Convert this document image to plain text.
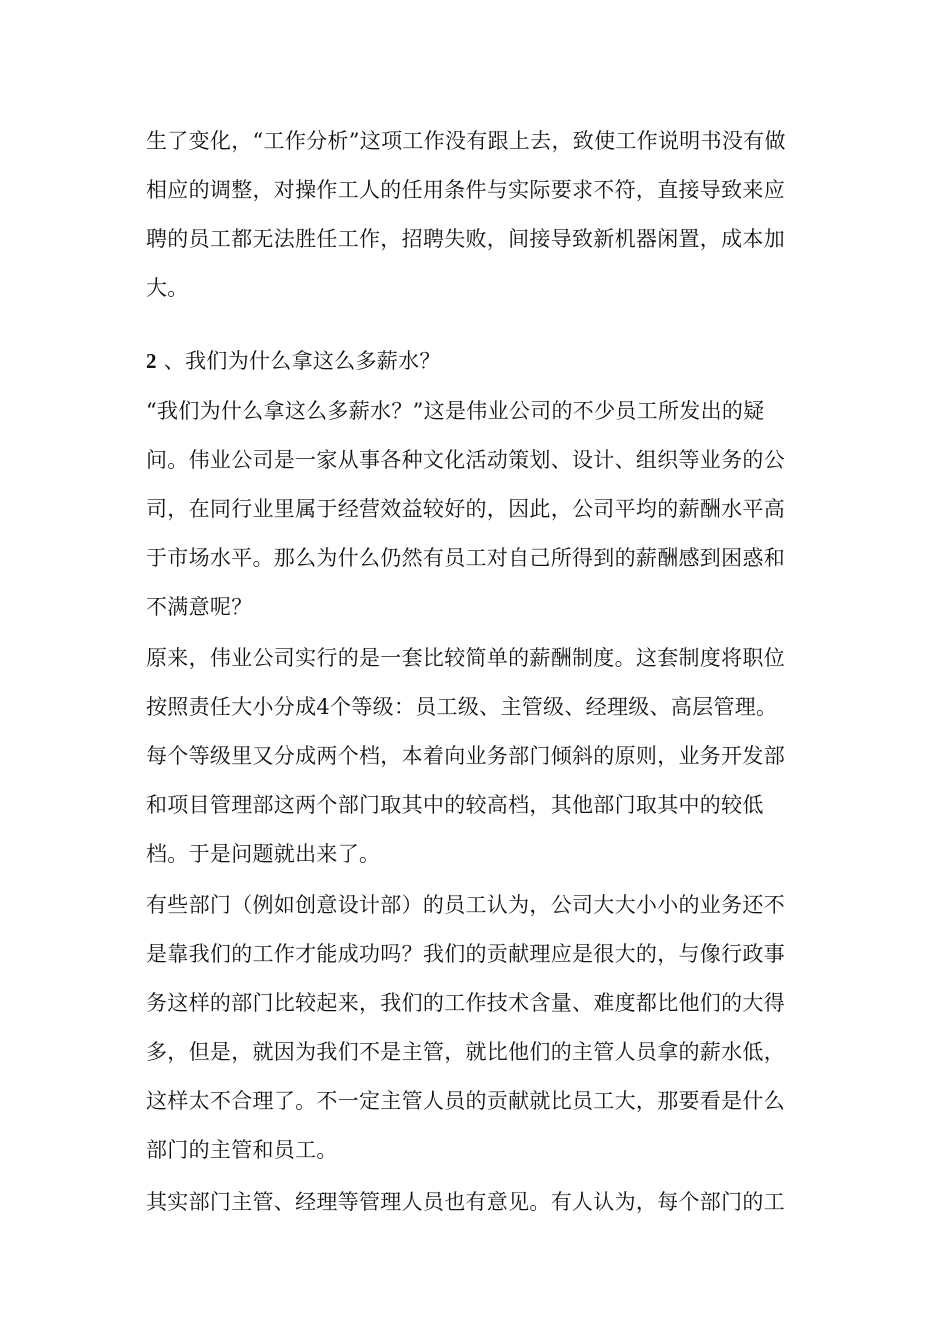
生了变化，“工作分析”这项工作没有跟上去，致使工作说明书没有做
相应的调整，对操作工人的任用条件与实际要求不符，直接导致来应
聘的员工都无法胜任工作，招聘失败，间接导致新机器闲置，成本加
大。
2 、我们为什么拿这么多薪水？
“我们为什么拿这么多薪水？”这是伟业公司的不少员工所发出的疑
问。伟业公司是一家从事各种文化活动策划、设计、组织等业务的公
司，在同行业里属于经营效益较好的，因此，公司平均的薪酬水平高
于市场水平。那么为什么仍然有员工对自己所得到的薪酬感到困惑和
不满意呢？
原来，伟业公司实行的是一套比较简单的薪酬制度。这套制度将职位
按照责任大小分成4个等级：员工级、主管级、经理级、高层管理。
每个等级里又分成两个档，本着向业务部门倾斜的原则，业务开发部
和项目管理部这两个部门取其中的较高档，其他部门取其中的较低
档。于是问题就出来了。
有些部门（例如创意设计部）的员工认为，公司大大小小的业务还不
是靠我们的工作才能成功吗？我们的贡献理应是很大的，与像行政事
务这样的部门比较起来，我们的工作技术含量、难度都比他们的大得
多，但是，就因为我们不是主管，就比他们的主管人员拿的薪水低，
这样太不合理了。不一定主管人员的贡献就比员工大，那要看是什么
部门的主管和员工。
其实部门主管、经理等管理人员也有意见。有人认为，每个部门的工
